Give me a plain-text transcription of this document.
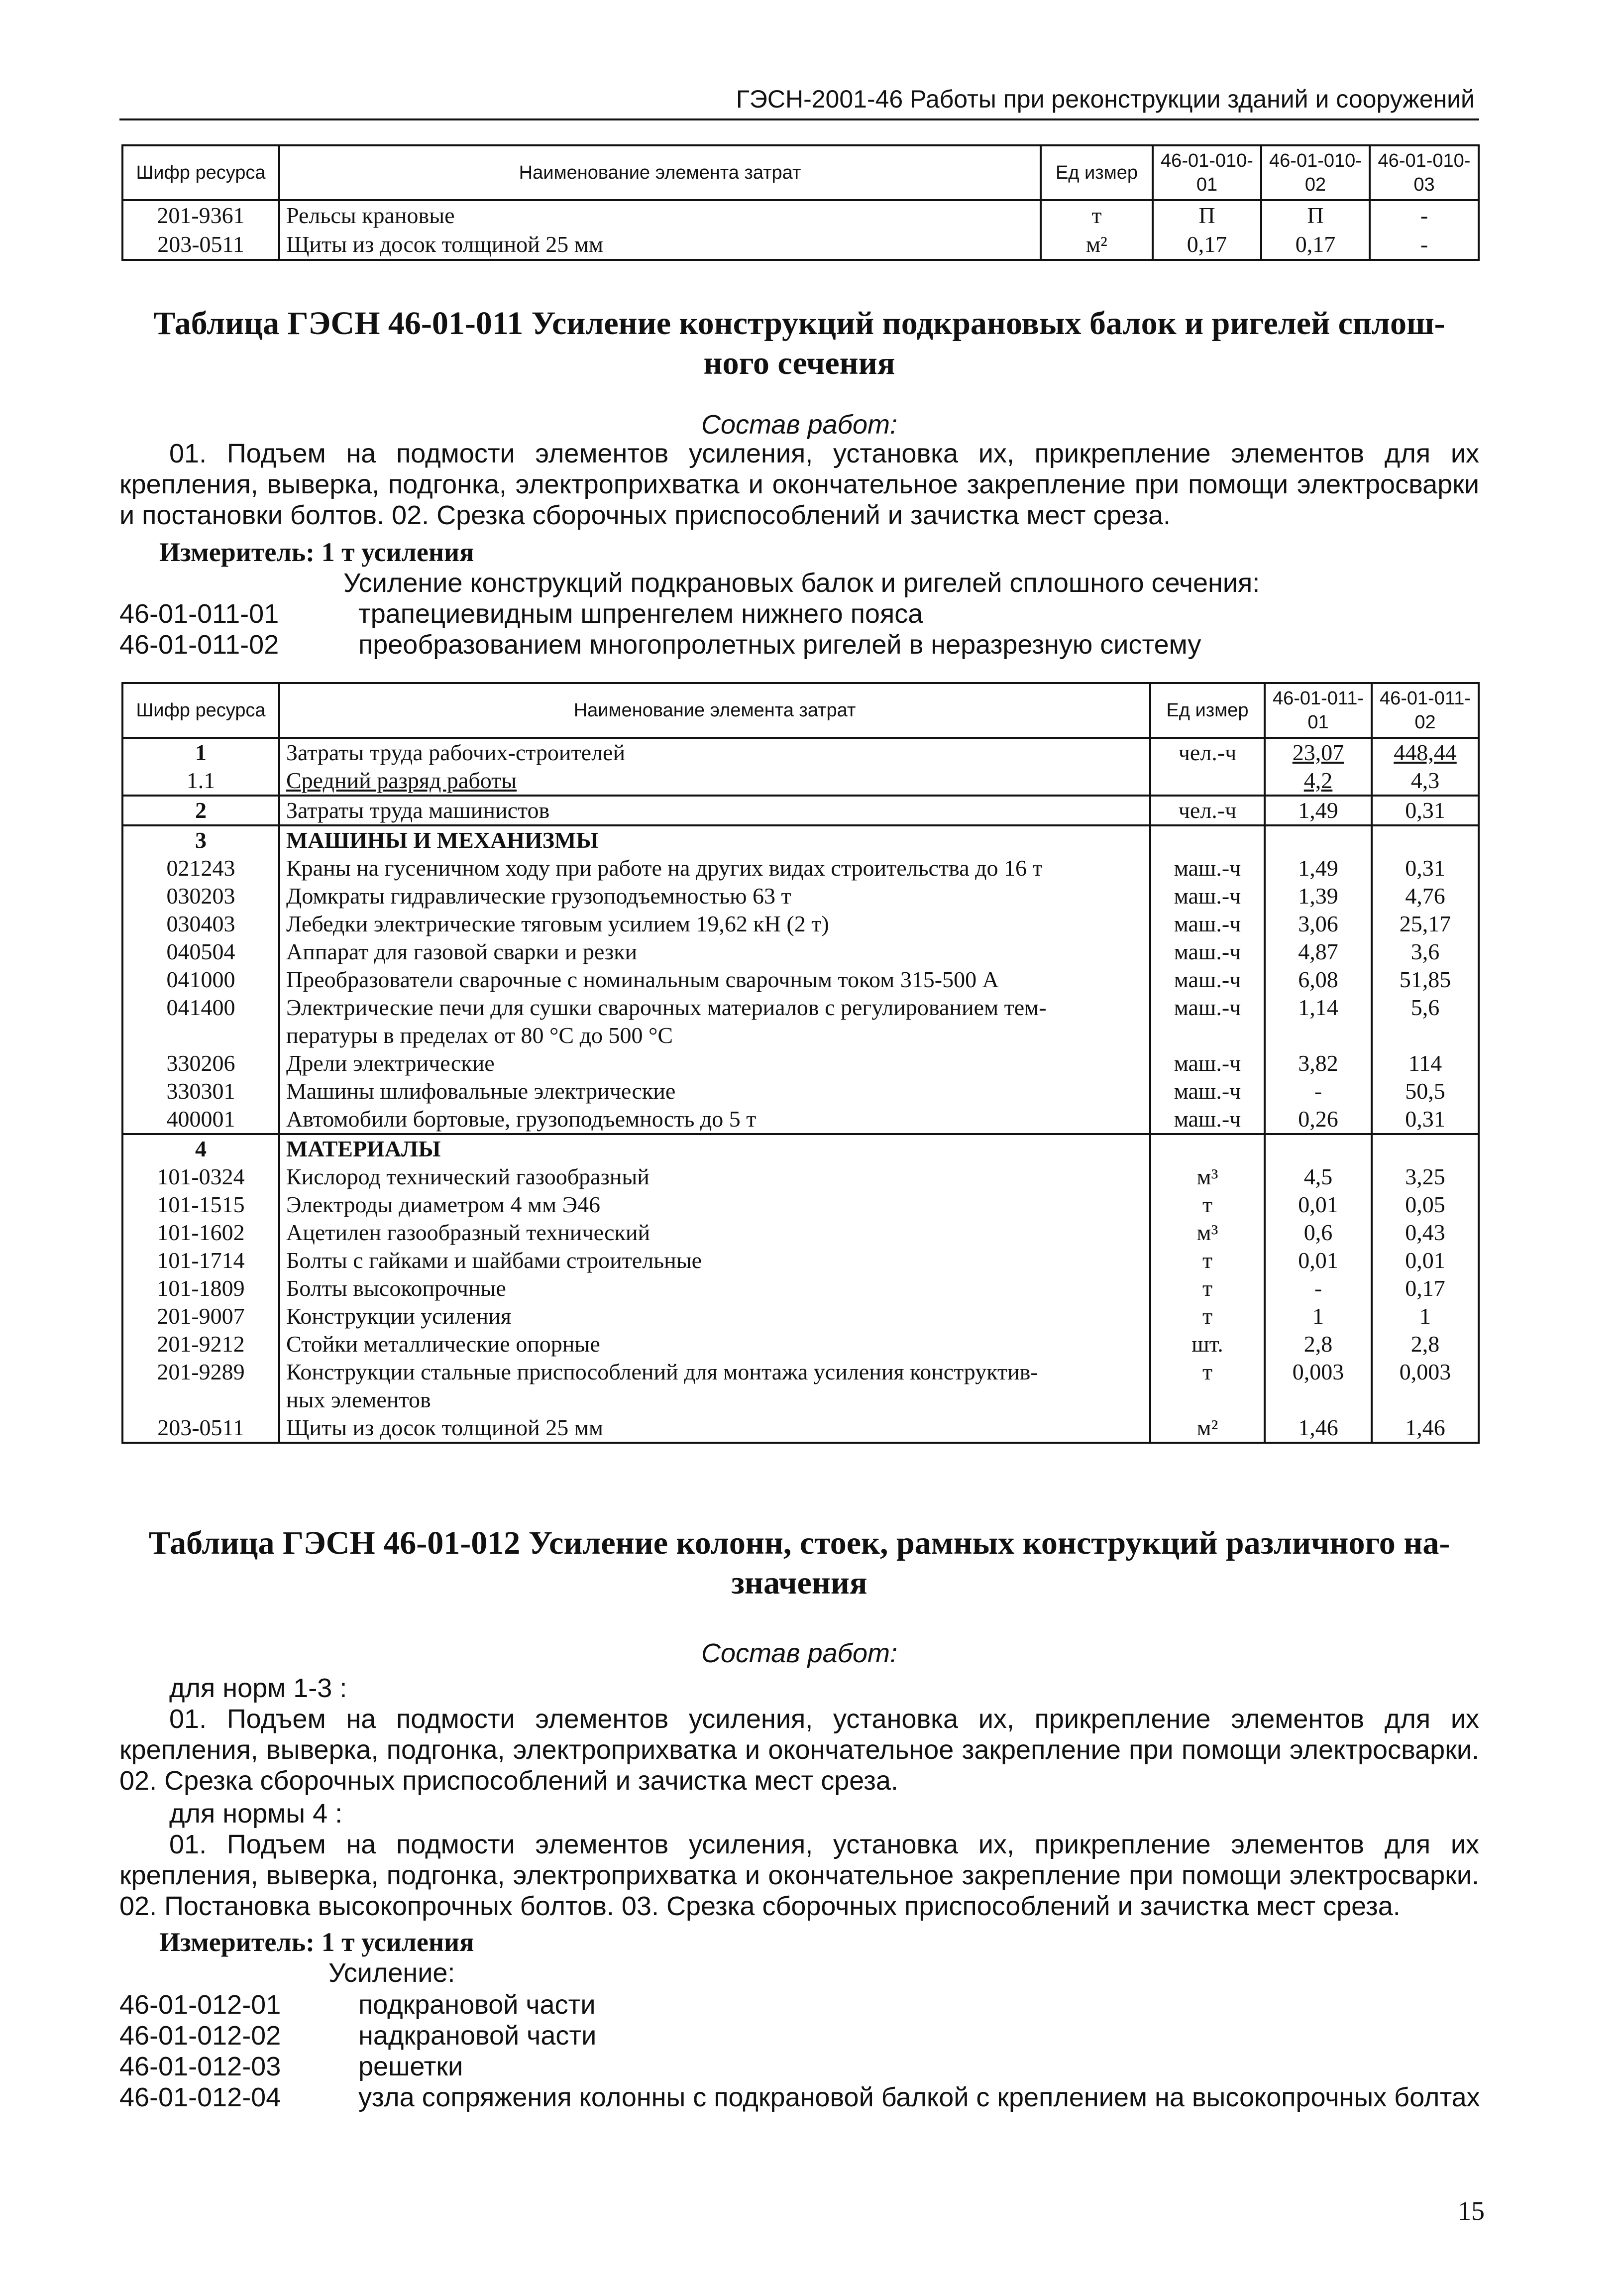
ГЭСН-2001-46 Работы при реконструкции зданий и сооружений
Шифр ресурса	Наименование элемента затрат	Ед измер	46-01-010-01	46-01-010-02	46-01-010-03
201-9361	Рельсы крановые	т	П	П	-
203-0511	Щиты из досок толщиной 25 мм	м²	0,17	0,17	-
Таблица ГЭСН 46-01-011 Усиление конструкций подкрановых балок и ригелей сплош-
ного сечения
Состав работ:
01. Подъем на подмости элементов усиления, установка их, прикрепление элементов для их крепления, выверка, подгонка, электроприхватка и окончательное закрепление при помощи электросварки и постановки болтов. 02. Срезка сборочных приспособлений и зачистка мест среза.
Измеритель: 1 т усиления
Усиление конструкций подкрановых балок и ригелей сплошного сечения:
46-01-011-01	трапециевидным шпренгелем нижнего пояса
46-01-011-02	преобразованием многопролетных ригелей в неразрезную систему
Шифр ресурса	Наименование элемента затрат	Ед измер	46-01-011-01	46-01-011-02
1	Затраты труда рабочих-строителей	чел.-ч	23,07	448,44
1.1	Средний разряд работы		4,2	4,3
2	Затраты труда машинистов	чел.-ч	1,49	0,31
3	МАШИНЫ И МЕХАНИЗМЫ			
021243	Краны на гусеничном ходу при работе на других видах строительства до 16 т	маш.-ч	1,49	0,31
030203	Домкраты гидравлические грузоподъемностью 63 т	маш.-ч	1,39	4,76
030403	Лебедки электрические тяговым усилием 19,62 кН (2 т)	маш.-ч	3,06	25,17
040504	Аппарат для газовой сварки и резки	маш.-ч	4,87	3,6
041000	Преобразователи сварочные с номинальным сварочным током 315-500 А	маш.-ч	6,08	51,85
041400	Электрические печи для сушки сварочных материалов с регулированием тем-	маш.-ч	1,14	5,6
	пературы в пределах от 80 °С до 500 °С			
330206	Дрели электрические	маш.-ч	3,82	114
330301	Машины шлифовальные электрические	маш.-ч	-	50,5
400001	Автомобили бортовые, грузоподъемность до 5 т	маш.-ч	0,26	0,31
4	МАТЕРИАЛЫ			
101-0324	Кислород технический газообразный	м³	4,5	3,25
101-1515	Электроды диаметром 4 мм Э46	т	0,01	0,05
101-1602	Ацетилен газообразный технический	м³	0,6	0,43
101-1714	Болты с гайками и шайбами строительные	т	0,01	0,01
101-1809	Болты высокопрочные	т	-	0,17
201-9007	Конструкции усиления	т	1	1
201-9212	Стойки металлические опорные	шт.	2,8	2,8
201-9289	Конструкции стальные приспособлений для монтажа усиления конструктив-	т	0,003	0,003
	ных элементов			
203-0511	Щиты из досок толщиной 25 мм	м²	1,46	1,46
Таблица ГЭСН 46-01-012 Усиление колонн, стоек, рамных конструкций различного на-
значения
Состав работ:
для норм 1-3 :
01. Подъем на подмости элементов усиления, установка их, прикрепление элементов для их крепления, выверка, подгонка, электроприхватка и окончательное закрепление при помощи электросварки. 02. Срезка сборочных приспособлений и зачистка мест среза.
для нормы 4 :
01. Подъем на подмости элементов усиления, установка их, прикрепление элементов для их крепления, выверка, подгонка, электроприхватка и окончательное закрепление при помощи электросварки. 02. Постановка высокопрочных болтов. 03. Срезка сборочных приспособлений и зачистка мест среза.
Измеритель: 1 т усиления
Усиление:
46-01-012-01	подкрановой части
46-01-012-02	надкрановой части
46-01-012-03	решетки
46-01-012-04	узла сопряжения колонны с подкрановой балкой с креплением на высокопрочных болтах
15
